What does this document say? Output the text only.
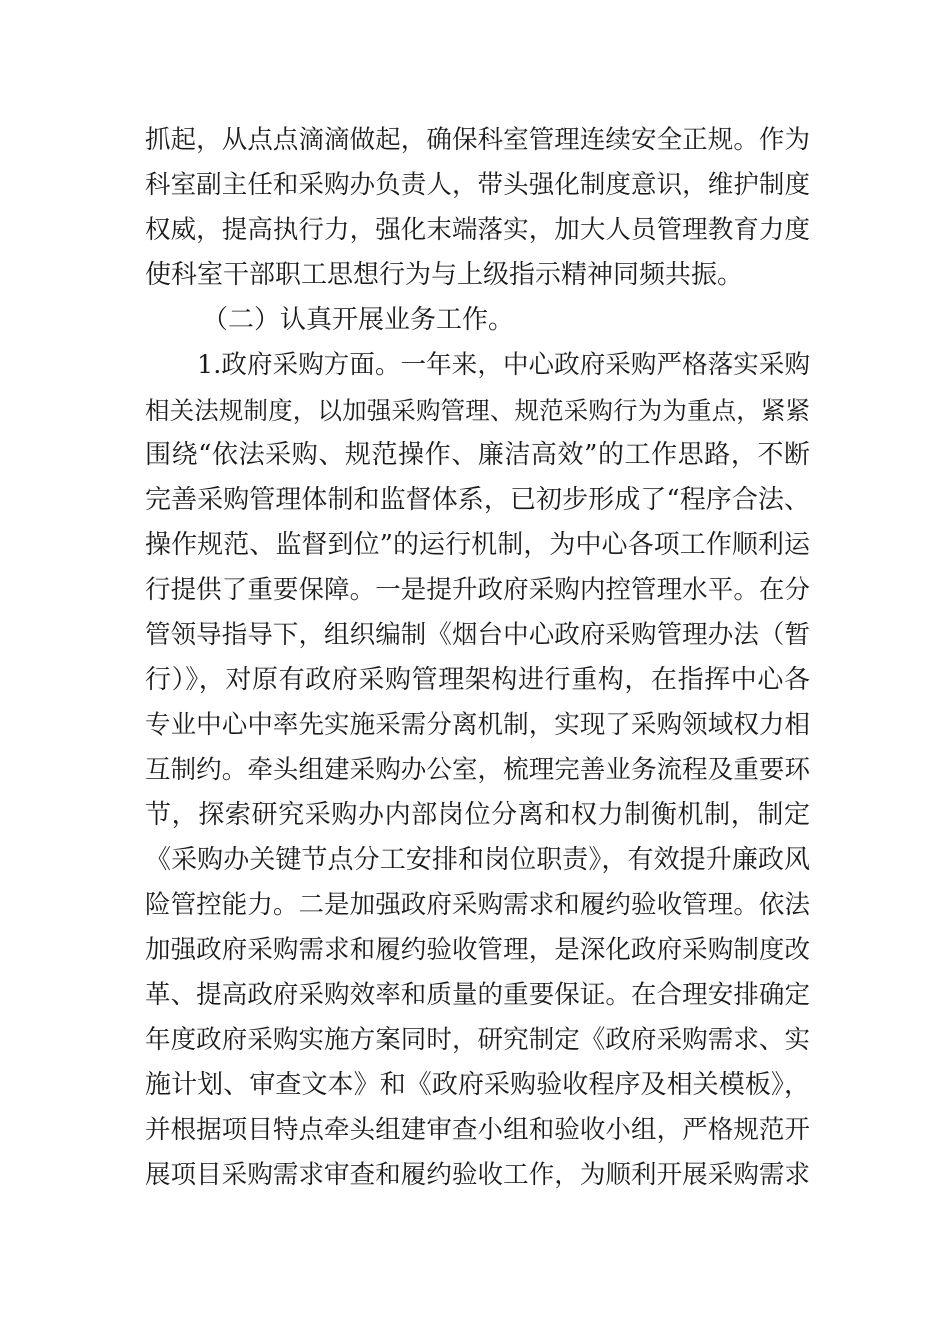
抓起，从点点滴滴做起，确保科室管理连续安全正规。作为
科室副主任和采购办负责人，带头强化制度意识，维护制度
权威，提高执行力，强化末端落实，加大人员管理教育力度
使科室干部职工思想行为与上级指示精神同频共振。
（二）认真开展业务工作。
1.政府采购方面。一年来，中心政府采购严格落实采购
相关法规制度，以加强采购管理、规范采购行为为重点，紧紧
围绕“依法采购、规范操作、廉洁高效”的工作思路，不断
完善采购管理体制和监督体系，已初步形成了“程序合法、
操作规范、监督到位”的运行机制，为中心各项工作顺利运
行提供了重要保障。一是提升政府采购内控管理水平。在分
管领导指导下，组织编制《烟台中心政府采购管理办法（暂
行）》，对原有政府采购管理架构进行重构，在指挥中心各
专业中心中率先实施采需分离机制，实现了采购领域权力相
互制约。牵头组建采购办公室，梳理完善业务流程及重要环
节，探索研究采购办内部岗位分离和权力制衡机制，制定
《采购办关键节点分工安排和岗位职责》，有效提升廉政风
险管控能力。二是加强政府采购需求和履约验收管理。依法
加强政府采购需求和履约验收管理，是深化政府采购制度改
革、提高政府采购效率和质量的重要保证。在合理安排确定
年度政府采购实施方案同时，研究制定《政府采购需求、实
施计划、审查文本》和《政府采购验收程序及相关模板》，
并根据项目特点牵头组建审查小组和验收小组，严格规范开
展项目采购需求审查和履约验收工作，为顺利开展采购需求
